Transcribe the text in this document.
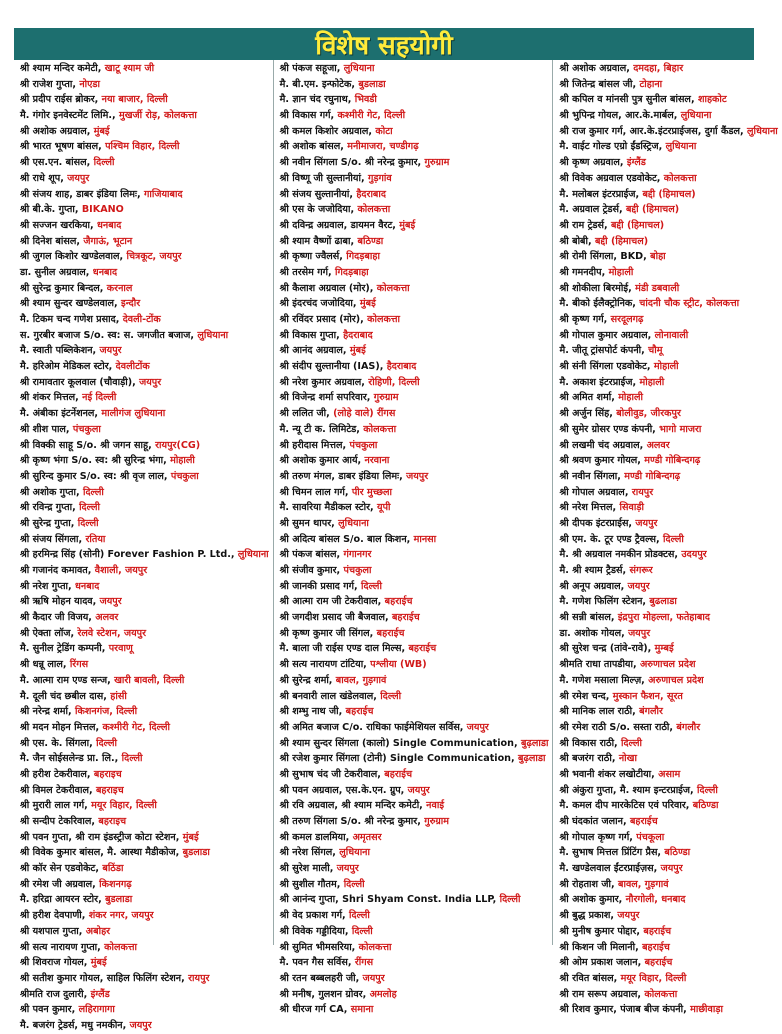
विशेष सहयोगी
श्री श्याम मन्दिर कमेटी, खाटू श्याम जी
श्री राजेश गुप्ता, नोएडा
श्री प्रदीप राईस ब्रोकर, नया बाजार, दिल्ली
मै. गंगोर इनवेस्टमेंट लिमि., मुखर्जी रोड़, कोलकत्ता
श्री अशोक अग्रवाल, मुंबई
श्री भारत भूषण बांसल, पश्चिम विहार, दिल्ली
श्री एस.एन. बांसल, दिल्ली
श्री राधे शूप, जयपुर
श्री संजय शाह, डाबर इंडिया लिमः, गाजियाबाद
श्री बी.के. गुप्ता, BIKANO
श्री सज्जन खरकिया, धनबाद
श्री दिनेश बांसल, जैगाऊं, भूटान
श्री जुगल किशोर खण्डेलवाल, चित्रकूट, जयपुर
डा. सुनील अग्रवाल, धनबाद
श्री सुरेन्द्र कुमार बिन्दल, करनाल
श्री श्याम सुन्दर खण्डेलवाल, इन्दौर
मै. टिकम चन्द गणेश प्रसाद, देवली-टोंक
स. गुरबीर बजाज S/o. स्व: स. जगजीत बजाज, लुधियाना
मै. स्वाती पब्लिकेशन, जयपुर
मै. हरिओम मेडिकल स्टोर, देवलीटोंक
श्री रामावतार कूलवाल (चौवाड़ी), जयपुर
श्री शंकर मित्तल, नई दिल्ली
मै. अंबीका इंटर्नेशनल, मालीगंज लुधियाना
श्री शीश पाल, पंचकुला
श्री विक्की साहू S/o. श्री जगन साहू, रायपुर(CG)
श्री कृष्ण भंगा S/o. स्व: श्री सुरिन्द्र भंगा, मोहाली
श्री सुरिन्द कुमार S/o. स्व: श्री वृज लाल, पंचकुला
श्री अशोक गुप्ता, दिल्ली
श्री रविन्द्र गुप्ता, दिल्ली
श्री सुरेन्द्र गुप्ता, दिल्ली
श्री संजय सिंगला, रतिया
श्री हरमिन्द्र सिंह (सोनी) Forever Fashion P. Ltd., लुधियाना
श्री गजानंद कमावत, वैशाली, जयपुर
श्री नरेश गुप्ता, धनबाद
श्री ऋषि मोहन यादव, जयपुर
श्री कैदार जी विजय, अलवर
श्री ऐक्ता लॉज, रेलवे स्टेशन, जयपुर
मै. सुनील ट्रेडिंग कम्पनी, परवाणू
श्री धन्नू लाल, रिंगस
मै. आत्मा राम एण्ड सन्ज, खारी बावली, दिल्ली
मै. दूली चंद छबील दास, हांसी
श्री नरेन्द्र शर्मा, किशनगंज, दिल्ली
श्री मदन मोहन मित्तल, कश्मीरी गेट, दिल्ली
श्री एस. के. सिंगला, दिल्ली
मै. जैन सोईसलेन्ड प्रा. लि., दिल्ली
श्री हरीश टेकरीवाल, बहराइच
श्री विमल टेकरीवाल, बहराइच
श्री मुरारी लाल गर्ग, मयूर विहार, दिल्ली
श्री सन्दीप टेकरिवाल, बहराइच
श्री पवन गुप्ता, श्री राम इंडस्ट्रीज कोटा स्टेशन, मुंबई
श्री विवेक कुमार बांसल, मै. आस्था मैडीकोज, बुडलाडा
श्री कॉर सेन एडवोकेट, बठिंडा
श्री रमेश जी अग्रवाल, किशनगढ़
मै. हरिद्रा आयरन स्टोर, बुडलाडा
श्री हरीश देवपाणी, शंकर नगर, जयपुर
श्री यशपाल गुप्ता, अबोहर
श्री सत्य नारायण गुप्ता, कोलकत्ता
श्री शिवराज गोयल, मुंबई
श्री सतीश कुमार गोयल, साहिल फिलिंग स्टेशन, रायपुर
श्रीमति राज दुलारी, इंग्लैंड
श्री पवन कुमार, लहिरागागा
मै. बजरंग ट्रेडर्स, मधु नमकीन, जयपुर
श्री पंकज सहूजा, लुधियाना
मै. बी.एम. इन्फोटेक, बुडलाडा
मै. ज्ञान चंद रघुनाथ, भिवडी
श्री विकास गर्ग, कश्मीरी गेट, दिल्ली
श्री कमल किशोर अग्रवाल, कोटा
श्री अशोक बांसल, मनीमाजरा, चण्डीगढ़
श्री नवीन सिंगला S/o. श्री नरेन्द्र कुमार, गुरुग्राम
श्री विष्णू जी सुल्तानीयां, गुड़गांव
श्री संजय सुल्तानीयां, हैदराबाद
श्री एस के जजोदिया, कोलकत्ता
श्री दविन्द्र अग्रवाल, डायमन वैरट, मुंबई
श्री श्याम वैष्णों ढाबा, बठिण्डा
श्री कृष्णा ज्वैलर्स, गिदड़बाहा
श्री तरसेम गर्ग, गिदड़बाहा
श्री कैलाश अग्रवाल (मोर), कोलकत्ता
श्री इंदरचंद जजोदिया, मुंबई
श्री रविंदर प्रसाद (मोर), कोलकत्ता
श्री विकास गुप्ता, हैदराबाद
श्री आनंद अग्रवाल, मुंबई
श्री संदीप सुल्तानीया (IAS), हैदराबाद
श्री नरेश कुमार अग्रवाल, रोहिणी, दिल्ली
श्री विजेन्द्र शर्मा सपरिवार, गुरुग्राम
श्री ललित जी, (लोहे वाले) रींगस
मै. न्यू टी क. लिमिटेड, कोलकत्ता
श्री हरीदास मित्तल, पंचकुला
श्री अशोक कुमार आर्य, नरवाना
श्री तरुण मंगल, डाबर इंडिया लिमः, जयपुर
श्री चिमन लाल गर्ग, पीर मुच्छला
मै. सावरिया मैडीकल स्टोर, यूपी
श्री सुमन थापर, लुधियाना
श्री अदित्य बांसल S/o. बाल किशन, मानसा
श्री पंकज बांसल, गंगानगर
श्री संजीव कुमार, पंचकुला
श्री जानकी प्रसाद गर्ग, दिल्ली
श्री आत्मा राम जी टेकरीवाल, बहराईच
श्री जगदीश प्रसाद जी बैजवाल, बहराईच
श्री कृष्ण कुमार जी सिंगल, बहराईच
मै. बाला जी राईस एण्ड दाल मिल्स, बहराईच
श्री सत्य नारायण टांटिया, पश्लीया (WB)
श्री सुरेन्द्र शर्मा, बावल, गुड़गावं
श्री बनवारी लाल खंडेलवाल, दिल्ली
श्री शम्भु नाथ जी, बहराईच
श्री अमित बजाज C/o. राधिका फाईमेशियल सर्विस, जयपुर
श्री श्याम सुन्दर सिंगला (कालो) Single Communication, बुढ़लाडा
श्री रजेश कुमार सिंगला (टोनी) Single Communication, बुढ़लाडा
श्री सुभाष चंद जी टेकरीवाल, बहराईच
श्री पवन अग्रवाल, एस.के.एन. ग्रुप, जयपुर
श्री रवि अग्रवाल, श्री श्याम मन्दिर कमेटी, नवाई
श्री तरुण सिंगला S/o. श्री नरेन्द्र कुमार, गुरुग्राम
श्री कमल डालमिया, अमृतसर
श्री नरेश सिंगल, लुधियाना
श्री सुरेश माली, जयपुर
श्री सुशील गौतम, दिल्ली
श्री आनंन्द गुप्ता, Shri Shyam Const. India LLP, दिल्ली
श्री वेद प्रकाश गर्ग, दिल्ली
श्री विवेक गड्डीदिया, दिल्ली
श्री सुमित भीमसरिया, कोलकत्ता
मै. पवन गैस सर्विस, रींगस
श्री रतन बब्बलहरी जी, जयपुर
श्री मनीष, गुलशन ग्रोवर, अमलोह
श्री धीरज गर्ग CA, समाना
श्री अशोक अग्रवाल, दमदहा, बिहार
श्री जितेन्द्र बांसल जी, टोहाना
श्री कपिल व मांनसी पुत्र सुनील बांसल, शाहकोट
श्री भुपिन्द्र गोयल, आर.के.मार्बल, लुधियाना
श्री राज कुमार गर्ग, आर.के.इंटरप्राईजस, दुर्गा कैंडल, लुधियाना
मै. वाईट गोल्ड एग्रो ईंडस्ट्रिज, लुधियाना
श्री कृष्ण अग्रवाल, इंग्लैंड
श्री विवेक अग्रवाल एडवोकेट, कोलकत्ता
मै. मलोबल इंटरप्राईज, बद्दी (हिमाचल)
मै. अग्रवाल ट्रेडर्स, बद्दी (हिमाचल)
श्री राम ट्रेडर्स, बद्दी (हिमाचल)
श्री बोबी, बद्दी (हिमाचल)
श्री रोमी सिंगला, BKD, बोहा
श्री गमनदीप, मोहाली
श्री शोकीला बिरमोई, मंडी डबवाली
मै. बीको ईलैक्ट्रोनिक, चांदनी चौक स्ट्रीट, कोलकत्ता
श्री कृष्ण गर्ग, सरदूलगढ़
श्री गोपाल कुमार अग्रवाल, लोनावाली
मै. जीतू ट्रांसपोर्ट कंपनी, चौमू
श्री संनी सिंगला एडवोकेट, मोहाली
मै. अकाश इंटरप्राईज, मोहाली
श्री अमित शर्मा, मोहाली
श्री अर्जुन सिंह, बोलीवुड, जीरकपुर
श्री सुमेर ग्रोसर एण्ड कंपनी, भागो माजरा
श्री लखमी चंद अग्रवाल, अलवर
श्री श्रवण कुमार गोयल, मण्डी गोबिन्दगढ़
श्री नवीन सिंगला, मण्डी गोबिन्दगढ़
श्री गोपाल अग्रवाल, रायपुर
श्री नरेश मित्तल, सिवाड़ी
श्री दीपक इंटरप्राईस, जयपुर
श्री एम. के. टूर एण्ड ट्रैवल्स, दिल्ली
मै. श्री अग्रवाल नमकीन प्रोडक्टस, उदयपुर
मै. श्री श्याम ट्रैडर्स, संगरूर
श्री अनूप अग्रवाल, जयपुर
मै. गणेश फिलिंग स्टेशन, बुढलाडा
श्री सन्नी बांसल, इंद्रपुरा मोहल्ला, फतेहाबाद
डा. अशोक गोयल, जयपुर
श्री सुरेश चन्द्र (तांवे-रावे), मुम्बई
श्रीमति राधा तापडीया, अरुणाचल प्रदेश
मै. गणेश मसाला मिल्ज़, अरुणाचल प्रदेश
श्री रमेश चन्द, मुस्कान फैशन, सूरत
श्री मानिक लाल राठी, बंगलौर
श्री रमेश राठी S/o. सस्ता राठी, बंगलौर
श्री विकास राठी, दिल्ली
श्री बजरंग राठी, नोखा
श्री भवानी शंकर लखोटीया, असाम
श्री अंकुरा गुप्ता, मै. श्याम इन्टरप्राईज, दिल्ली
मै. कमल दीप मारकेटिस एवं परिवार, बठिण्डा
श्री घंदकांत जलान, बहराईच
श्री गोपाल कृष्ण गर्ग, पंचकूला
मै. सुभाष मित्तल प्रिंटिंग प्रैस, बठिण्डा
मै. खण्डेलवाल ईंटरप्राईज़स, जयपुर
श्री रोहताश जी, बावल, गुड़गावं
श्री अशोक कुमार, नौरगोली, धनबाद
श्री बुद्ध प्रकाश, जयपुर
श्री मुनीष कुमार पोद्दार, बहराईच
श्री किशन जी मिलानी, बहराईच
श्री ओम प्रकाश जलान, बहराईच
श्री रवित बांसल, मयूर विहार, दिल्ली
श्री राम सरूप अग्रवाल, कोलकत्ता
श्री रिशव कुमार, पंजाब बीज कंपनी, माछीवाड़ा
